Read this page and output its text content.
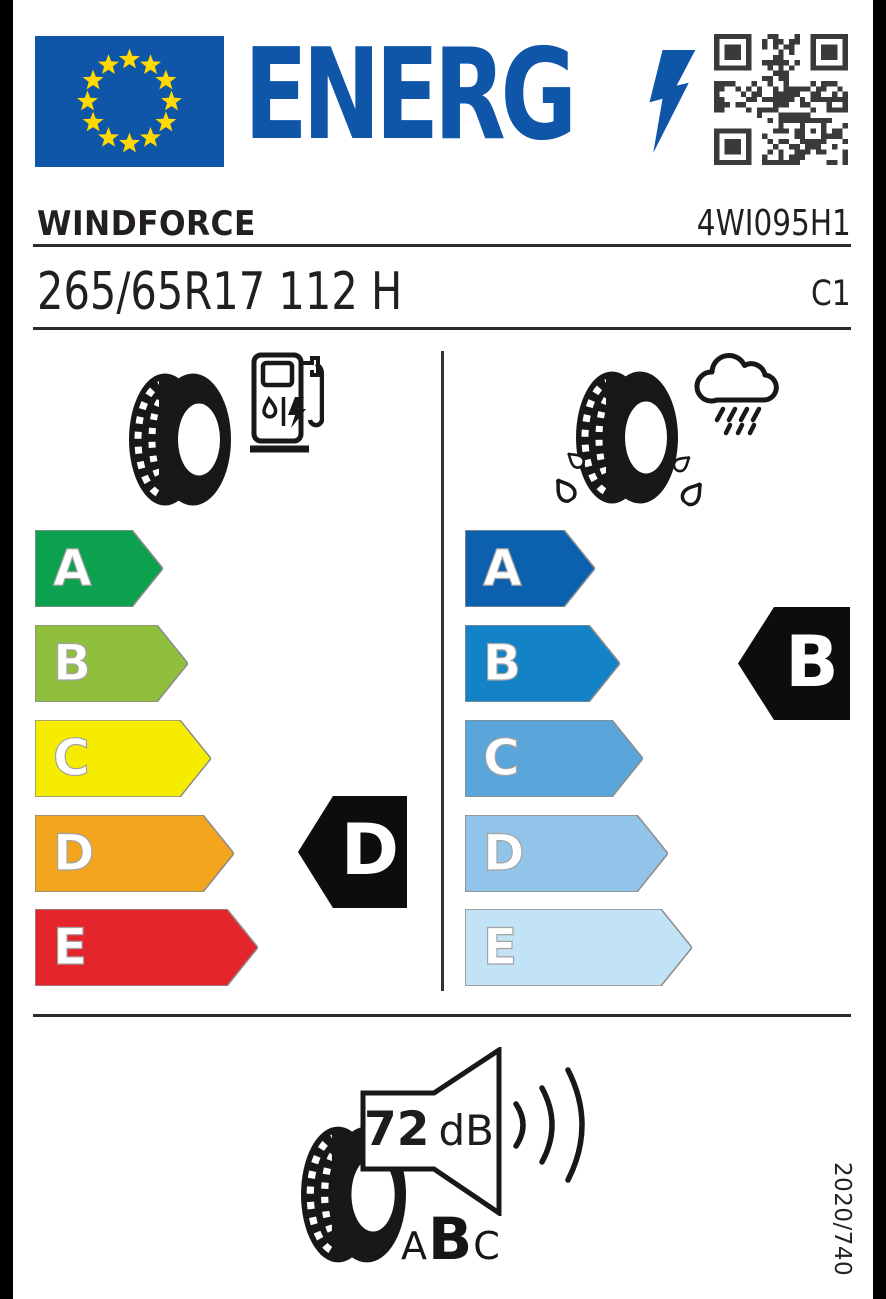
ENERG
WINDFORCE	4WI095H1
265/65R17 112 H	C1
A
B
C
D
E
D
A
B
C
D
E
B
72 dB
ABC	2020/740
